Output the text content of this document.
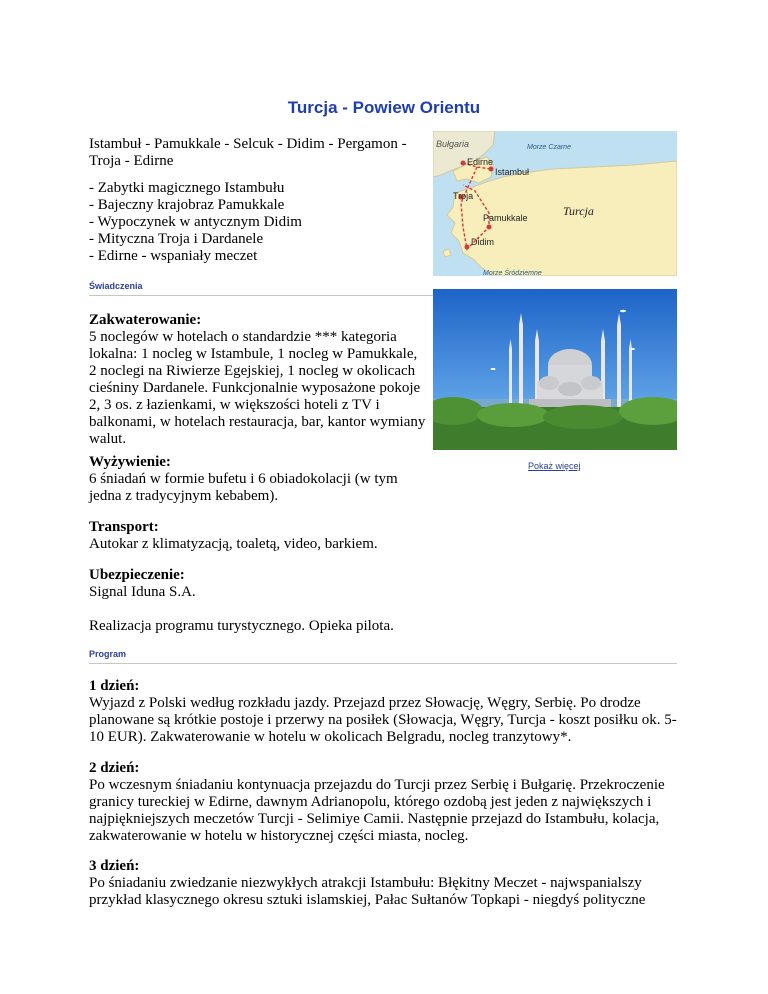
Turcja - Powiew Orientu
Istambuł - Pamukkale - Selcuk - Didim - Pergamon - Troja - Edirne
- Zabytki magicznego Istambułu
- Bajeczny krajobraz Pamukkale
- Wypoczynek w antycznym Didim
- Mityczna Troja i Dardanele
- Edirne - wspaniały meczet
Bułgaria	Morze Czarne
Edirne
Istambuł
Troja
Pamukkale	Turcja
Didim
Morze Śródziemne
Świadczenia
Zakwaterowanie:
5 noclegów w hotelach o standardzie *** kategoria lokalna: 1 nocleg w Istambule, 1 nocleg w Pamukkale, 2 noclegi na Riwierze Egejskiej, 1 nocleg w okolicach cieśniny Dardanele. Funkcjonalnie wyposażone pokoje 2, 3 os. z łazienkami, w większości hoteli z TV i balkonami, w hotelach restauracja, bar, kantor wymiany walut.
Wyżywienie:
6 śniadań w formie bufetu i 6 obiadokolacji (w tym jedna z tradycyjnym kebabem).
Pokaż więcej
Transport:
Autokar z klimatyzacją, toaletą, video, barkiem.
Ubezpieczenie:
Signal Iduna S.A.
Realizacja programu turystycznego. Opieka pilota.
Program
1 dzień:
Wyjazd z Polski według rozkładu jazdy. Przejazd przez Słowację, Węgry, Serbię. Po drodze planowane są krótkie postoje i przerwy na posiłek (Słowacja, Węgry, Turcja - koszt posiłku ok. 5-10 EUR). Zakwaterowanie w hotelu w okolicach Belgradu, nocleg tranzytowy*.
2 dzień:
Po wczesnym śniadaniu kontynuacja przejazdu do Turcji przez Serbię i Bułgarię. Przekroczenie granicy tureckiej w Edirne, dawnym Adrianopolu, którego ozdobą jest jeden z największych i najpiękniejszych meczetów Turcji - Selimiye Camii. Następnie przejazd do Istambułu, kolacja, zakwaterowanie w hotelu w historycznej części miasta, nocleg.
3 dzień:
Po śniadaniu zwiedzanie niezwykłych atrakcji Istambułu: Błękitny Meczet - najwspanialszy przykład klasycznego okresu sztuki islamskiej, Pałac Sułtanów Topkapi - niegdyś polityczne
